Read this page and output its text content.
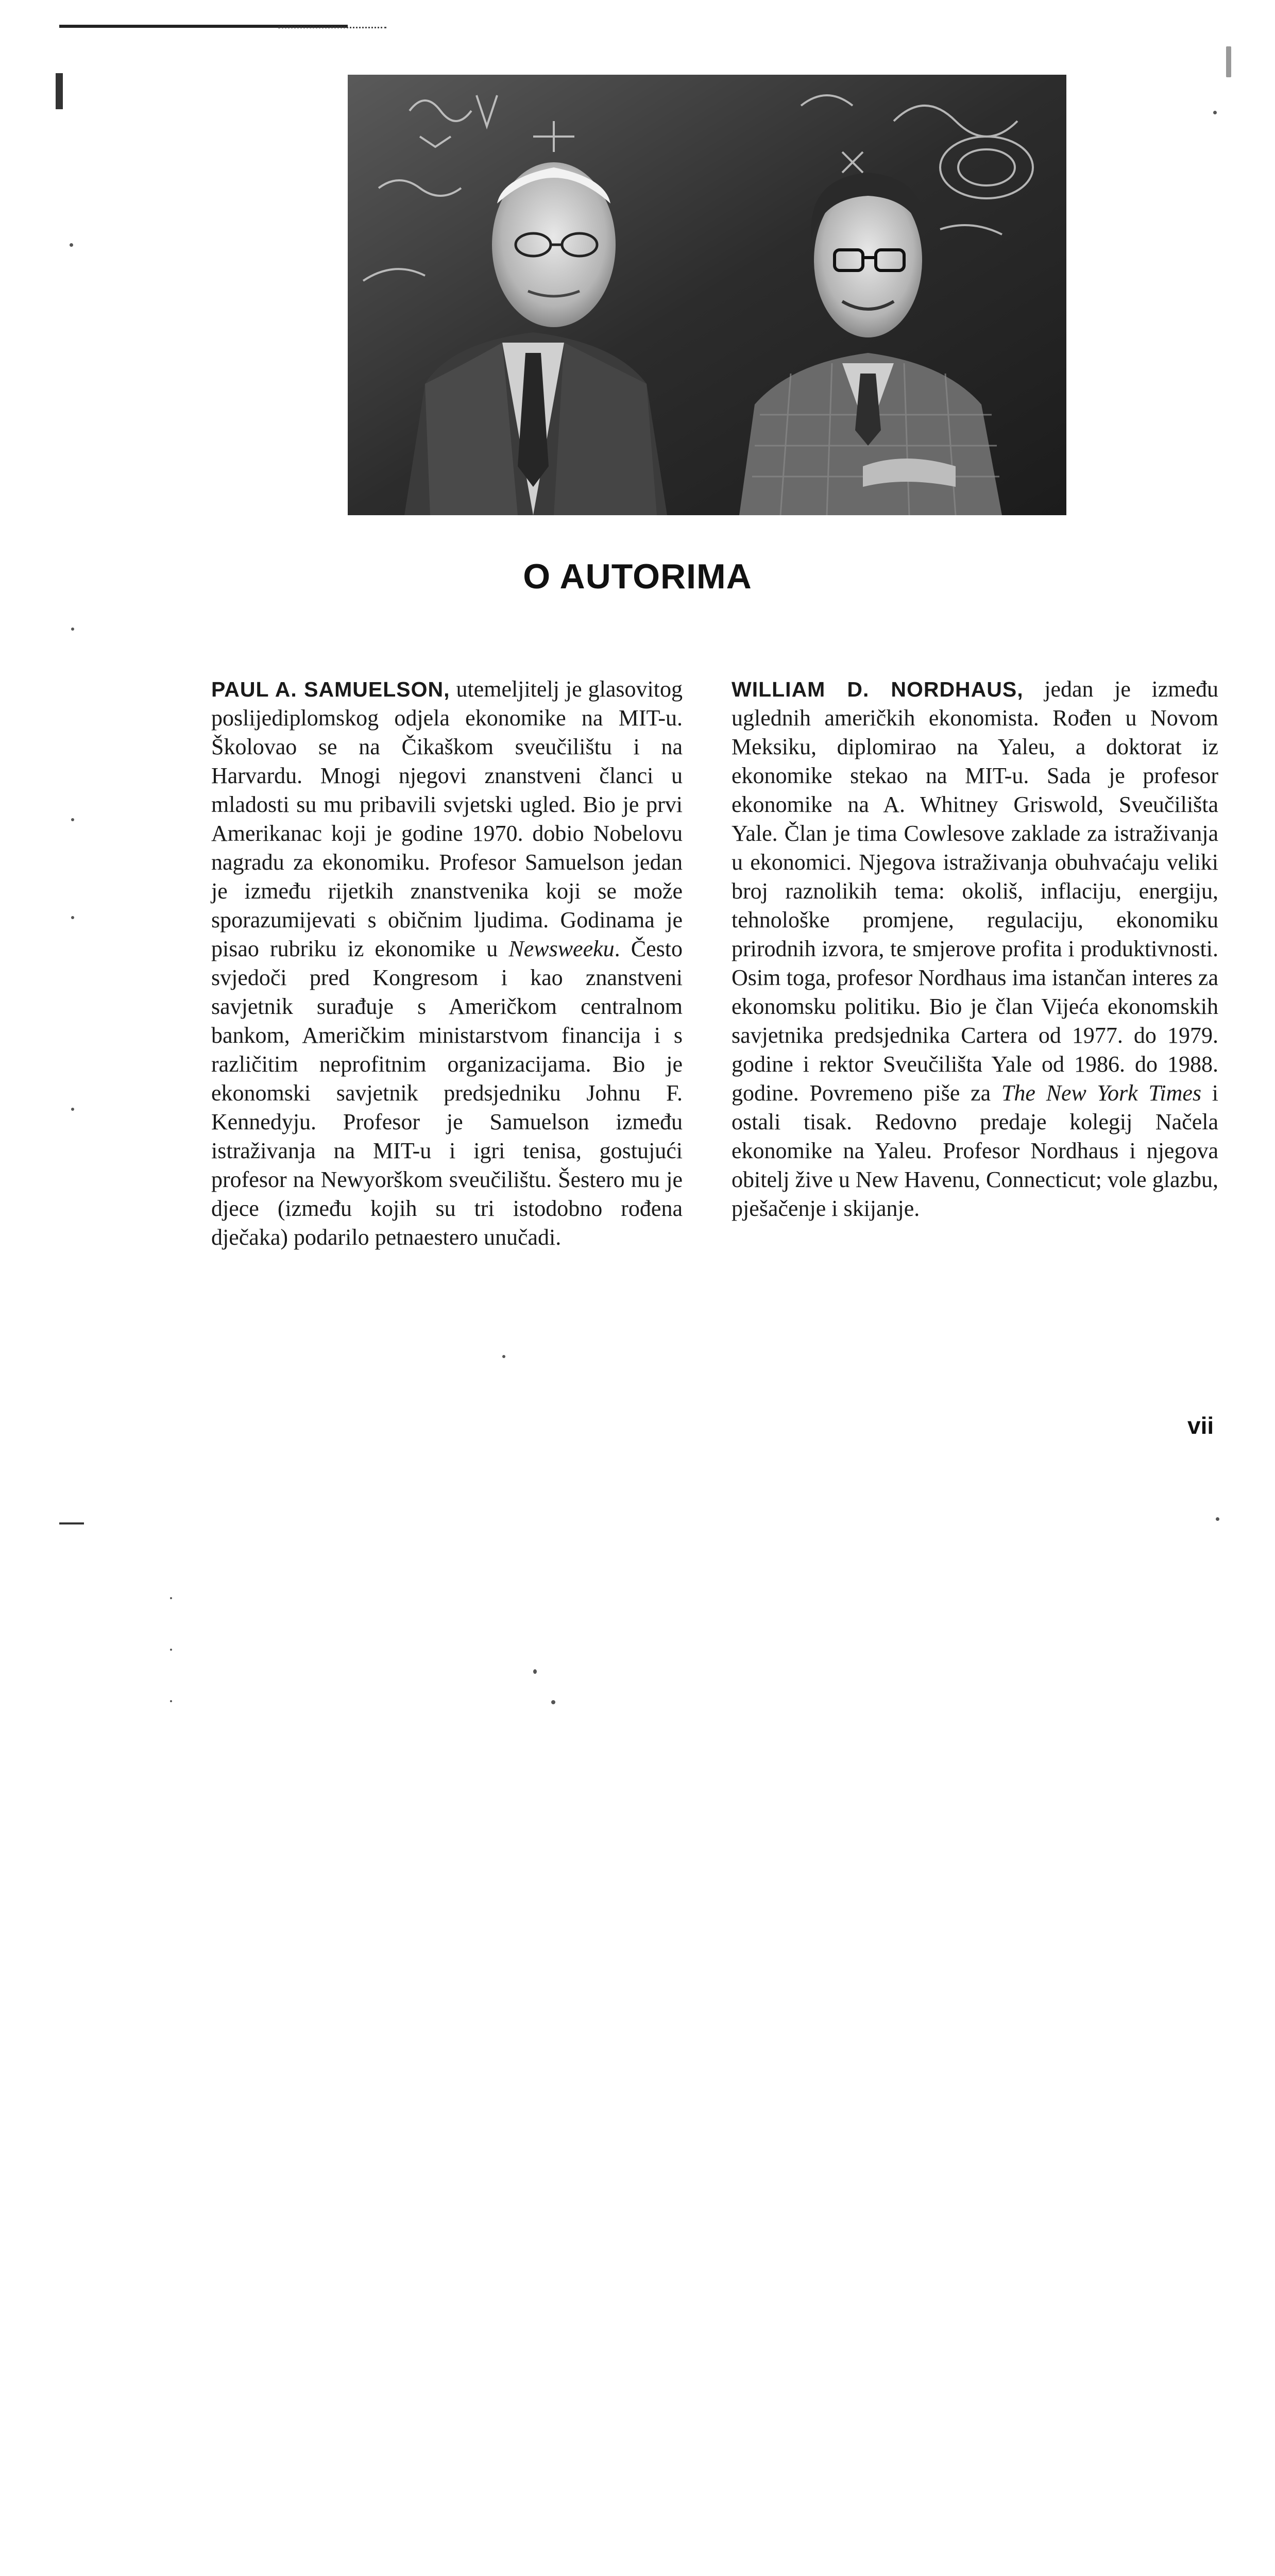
O AUTORIMA
PAUL A. SAMUELSON, utemeljitelj je glasovitog poslijediplomskog odjela ekonomike na MIT-u. Školovao se na Čikaškom sveučilištu i na Harvardu. Mnogi njegovi znanstveni članci u mladosti su mu pribavili svjetski ugled. Bio je prvi Amerikanac koji je godine 1970. dobio Nobelovu nagradu za ekonomiku. Profesor Samuelson jedan je između rijetkih znanstvenika koji se može sporazumijevati s običnim ljudima. Godinama je pisao rubriku iz ekonomike u Newsweeku. Često svjedoči pred Kongresom i kao znanstveni savjetnik surađuje s Američkom centralnom bankom, Američkim ministarstvom financija i s različitim neprofitnim organizacijama. Bio je ekonomski savjetnik predsjedniku Johnu F. Kennedyju. Profesor je Samuelson između istraživanja na MIT-u i igri tenisa, gostujući profesor na Newyorškom sveučilištu. Šestero mu je djece (između kojih su tri istodobno rođena dječaka) podarilo petnaestero unučadi.
WILLIAM D. NORDHAUS, jedan je između uglednih američkih ekonomista. Rođen u Novom Meksiku, diplomirao na Yaleu, a doktorat iz ekonomike stekao na MIT-u. Sada je profesor ekonomike na A. Whitney Griswold, Sveučilišta Yale. Član je tima Cowlesove zaklade za istraživanja u ekonomici. Njegova istraživanja obuhvaćaju veliki broj raznolikih tema: okoliš, inflaciju, energiju, tehnološke promjene, regulaciju, ekonomiku prirodnih izvora, te smjerove profita i produktivnosti. Osim toga, profesor Nordhaus ima istančan interes za ekonomsku politiku. Bio je član Vijeća ekonomskih savjetnika predsjednika Cartera od 1977. do 1979. godine i rektor Sveučilišta Yale od 1986. do 1988. godine. Povremeno piše za The New York Times i ostali tisak. Redovno predaje kolegij Načela ekonomike na Yaleu. Profesor Nordhaus i njegova obitelj žive u New Havenu, Connecticut; vole glazbu, pješačenje i skijanje.
vii
